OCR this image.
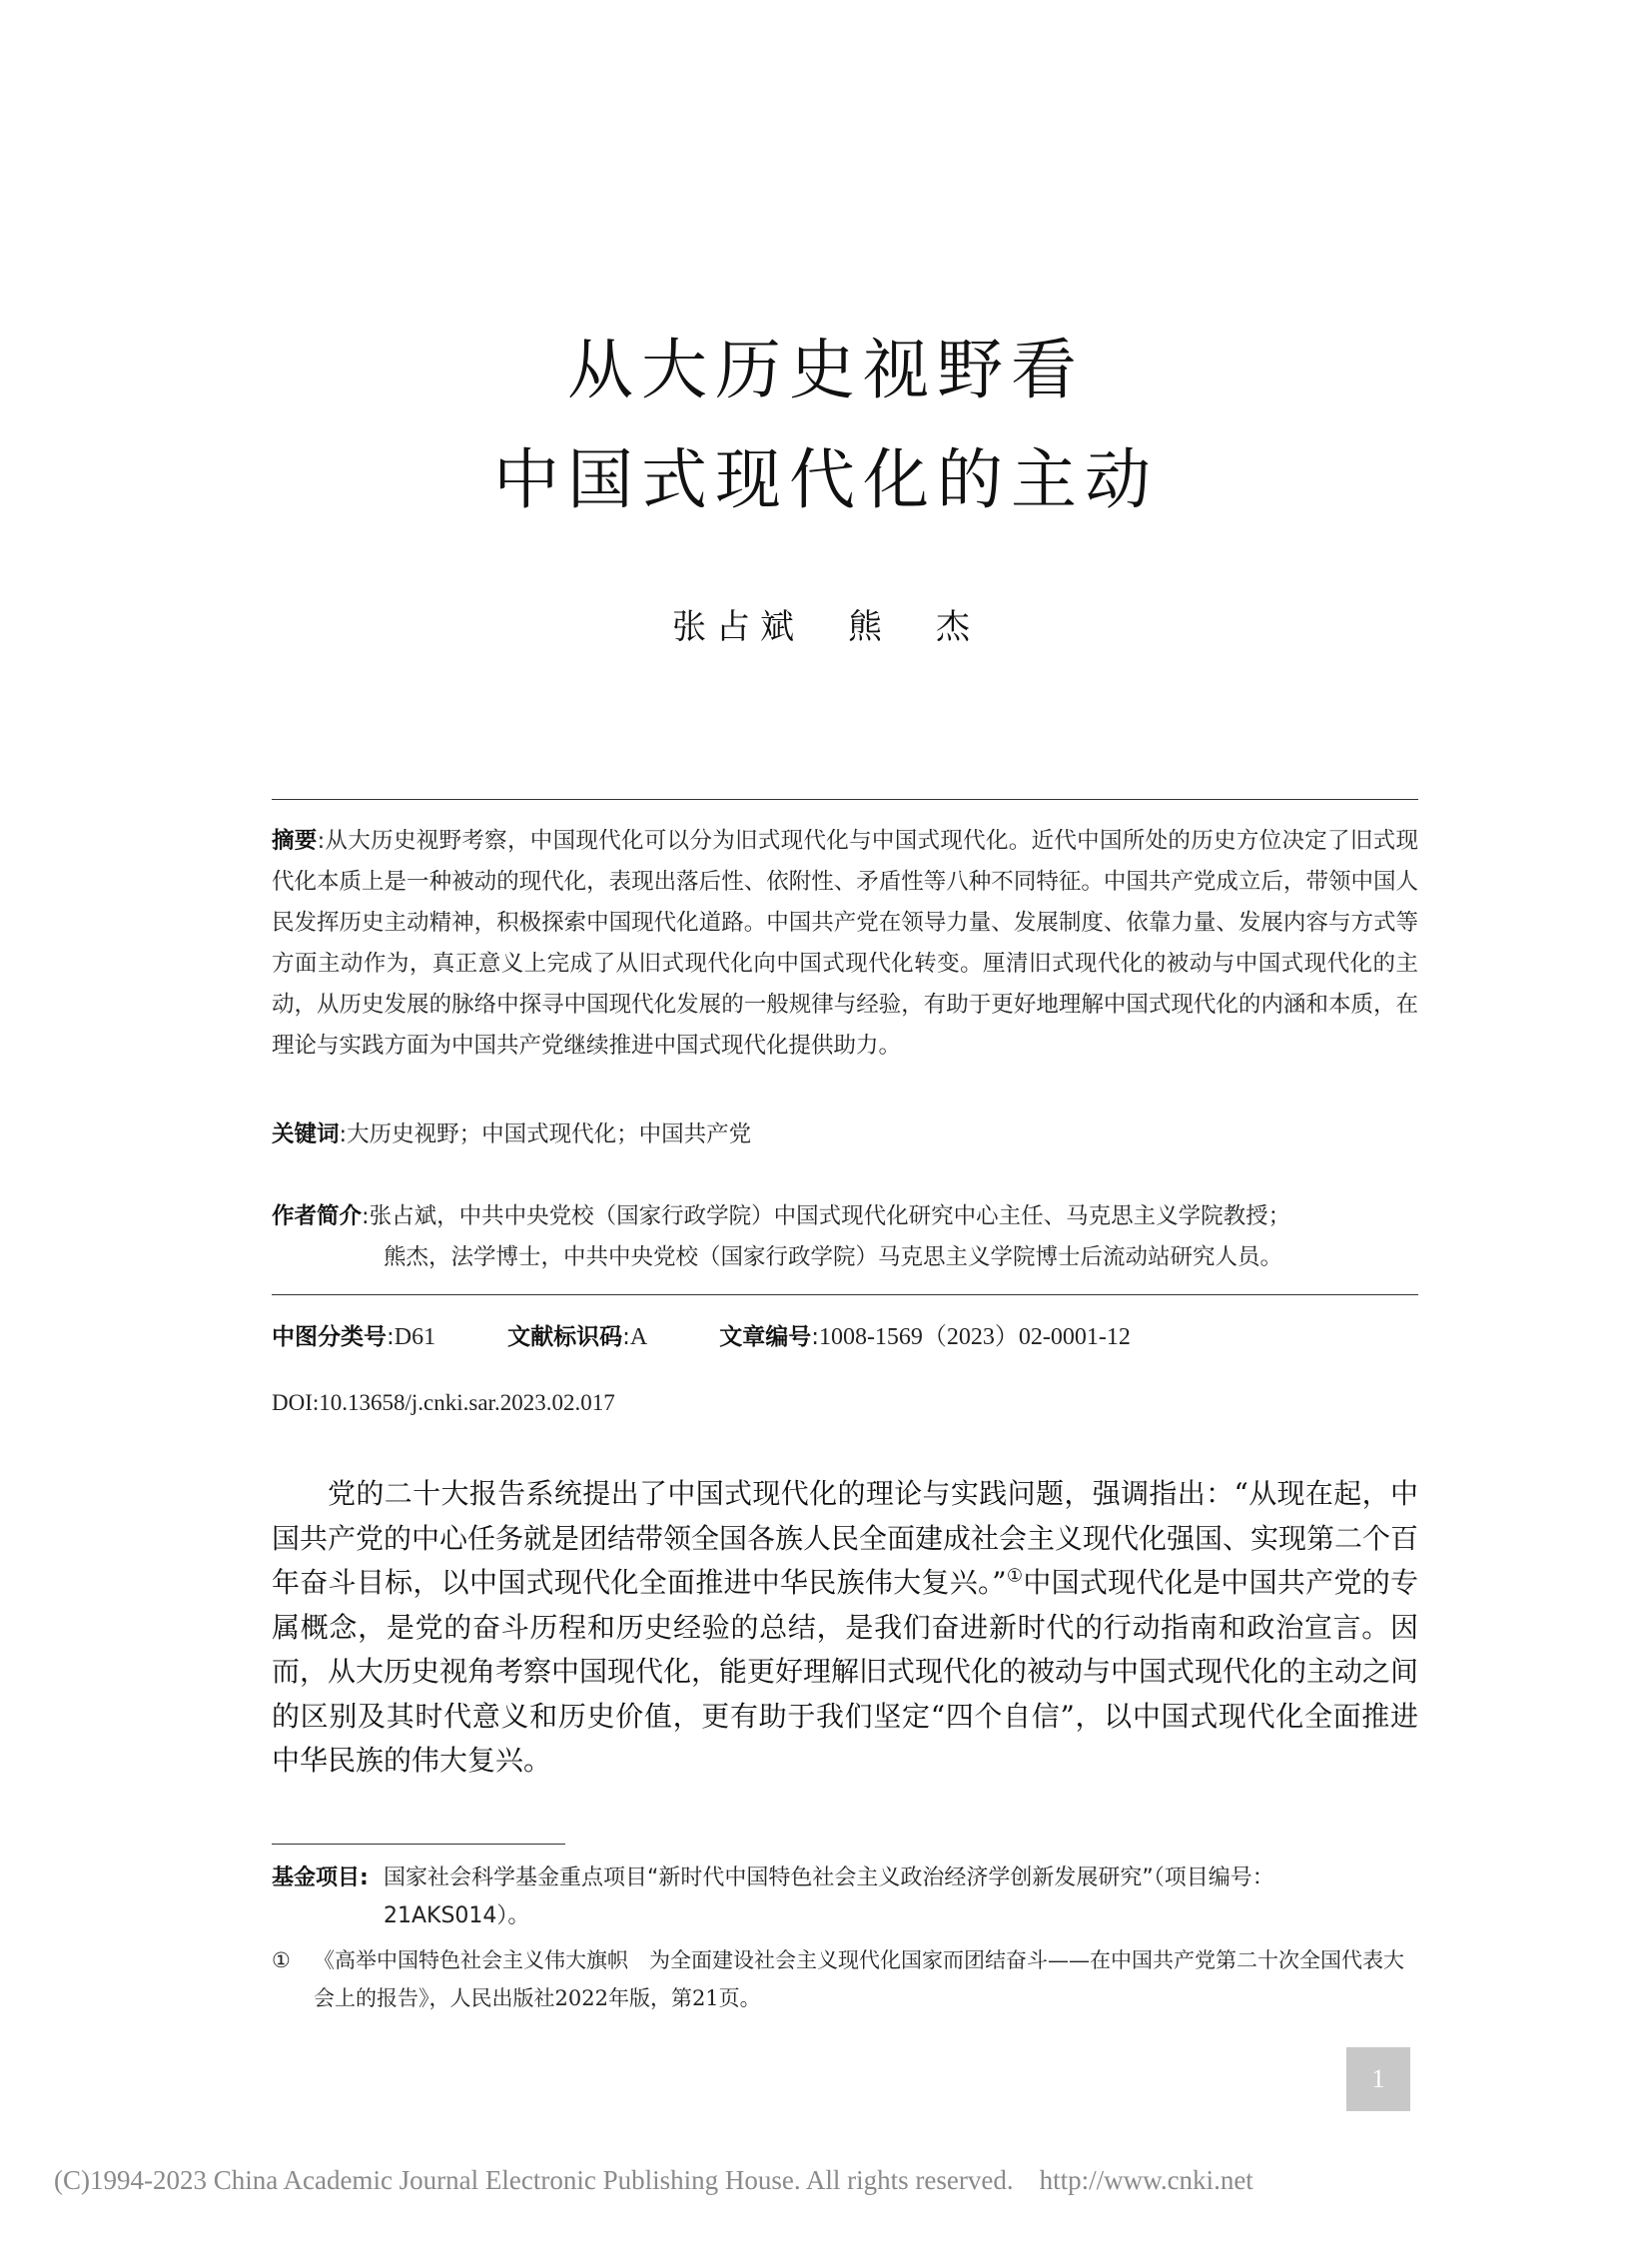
从大历史视野看
中国式现代化的主动
张占斌 熊　杰
摘要:从大历史视野考察，中国现代化可以分为旧式现代化与中国式现代化。近代中国所处的历史方位决定了旧式现代化本质上是一种被动的现代化，表现出落后性、依附性、矛盾性等八种不同特征。中国共产党成立后，带领中国人民发挥历史主动精神，积极探索中国现代化道路。中国共产党在领导力量、发展制度、依靠力量、发展内容与方式等方面主动作为，真正意义上完成了从旧式现代化向中国式现代化转变。厘清旧式现代化的被动与中国式现代化的主动，从历史发展的脉络中探寻中国现代化发展的一般规律与经验，有助于更好地理解中国式现代化的内涵和本质，在理论与实践方面为中国共产党继续推进中国式现代化提供助力。
关键词:大历史视野；中国式现代化；中国共产党
作者简介:张占斌，中共中央党校（国家行政学院）中国式现代化研究中心主任、马克思主义学院教授；
熊杰，法学博士，中共中央党校（国家行政学院）马克思主义学院博士后流动站研究人员。
中图分类号:D61	文献标识码:A	文章编号:1008-1569（2023）02-0001-12
DOI:10.13658/j.cnki.sar.2023.02.017
党的二十大报告系统提出了中国式现代化的理论与实践问题，强调指出：“从现在起，中国共产党的中心任务就是团结带领全国各族人民全面建成社会主义现代化强国、实现第二个百年奋斗目标，以中国式现代化全面推进中华民族伟大复兴。”①中国式现代化是中国共产党的专属概念，是党的奋斗历程和历史经验的总结，是我们奋进新时代的行动指南和政治宣言。因而，从大历史视角考察中国现代化，能更好理解旧式现代化的被动与中国式现代化的主动之间的区别及其时代意义和历史价值，更有助于我们坚定“四个自信”，以中国式现代化全面推进中华民族的伟大复兴。
基金项目: 国家社会科学基金重点项目“新时代中国特色社会主义政治经济学创新发展研究”（项目编号：21AKS014）。
① 《高举中国特色社会主义伟大旗帜　为全面建设社会主义现代化国家而团结奋斗——在中国共产党第二十次全国代表大会上的报告》，人民出版社2022年版，第21页。
1
(C)1994-2023 China Academic Journal Electronic Publishing House. All rights reserved. http://www.cnki.net
